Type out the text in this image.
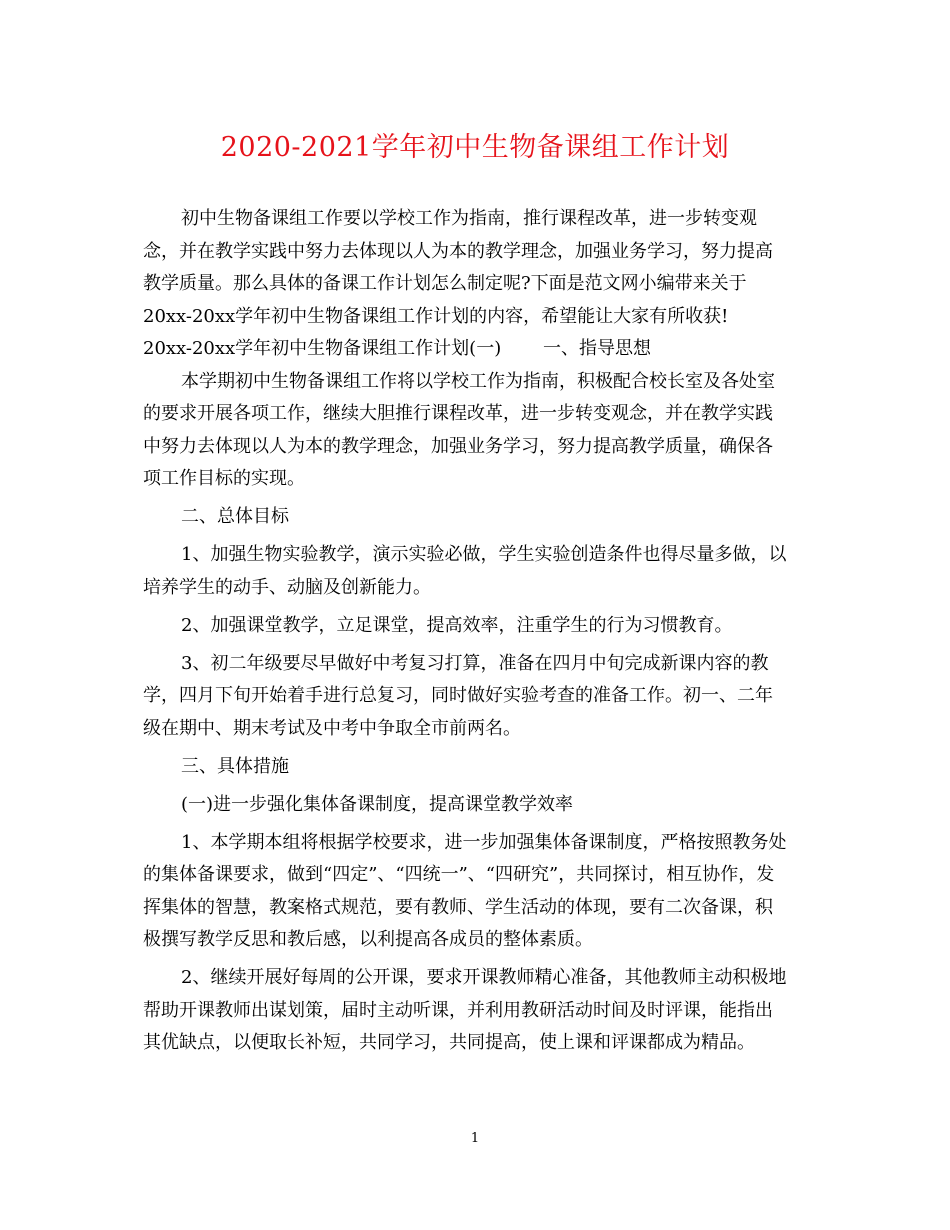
2020-2021学年初中生物备课组工作计划
初中生物备课组工作要以学校工作为指南，推行课程改革，进一步转变观
念，并在教学实践中努力去体现以人为本的教学理念，加强业务学习，努力提高
教学质量。那么具体的备课工作计划怎么制定呢?下面是范文网小编带来关于
20xx-20xx学年初中生物备课组工作计划的内容，希望能让大家有所收获!
20xx-20xx学年初中生物备课组工作计划(一)　　 一、指导思想
本学期初中生物备课组工作将以学校工作为指南，积极配合校长室及各处室
的要求开展各项工作，继续大胆推行课程改革，进一步转变观念，并在教学实践
中努力去体现以人为本的教学理念，加强业务学习，努力提高教学质量，确保各
项工作目标的实现。
二、总体目标
1、加强生物实验教学，演示实验必做，学生实验创造条件也得尽量多做，以
培养学生的动手、动脑及创新能力。
2、加强课堂教学，立足课堂，提高效率，注重学生的行为习惯教育。
3、初二年级要尽早做好中考复习打算，准备在四月中旬完成新课内容的教
学，四月下旬开始着手进行总复习，同时做好实验考查的准备工作。初一、二年
级在期中、期末考试及中考中争取全市前两名。
三、具体措施
(一)进一步强化集体备课制度，提高课堂教学效率
1、本学期本组将根据学校要求，进一步加强集体备课制度，严格按照教务处
的集体备课要求，做到“四定”、“四统一”、“四研究”，共同探讨，相互协作，发
挥集体的智慧，教案格式规范，要有教师、学生活动的体现，要有二次备课，积
极撰写教学反思和教后感，以利提高各成员的整体素质。
2、继续开展好每周的公开课，要求开课教师精心准备，其他教师主动积极地
帮助开课教师出谋划策，届时主动听课，并利用教研活动时间及时评课，能指出
其优缺点，以便取长补短，共同学习，共同提高，使上课和评课都成为精品。
1
